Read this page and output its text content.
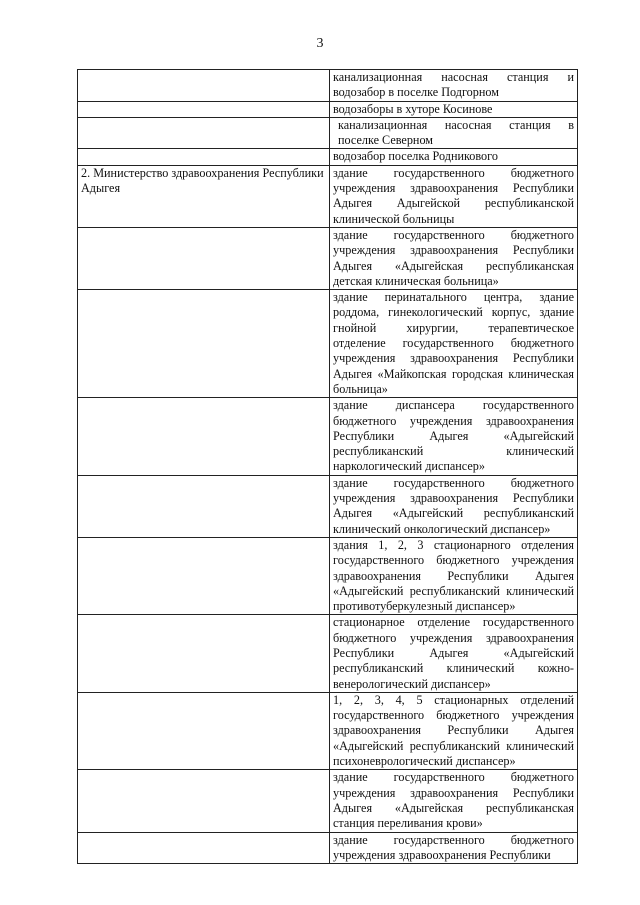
3
	канализационная насосная станция и водозабор в поселке Подгорном
	водозаборы в хуторе Косинове
	канализационная насосная станция в поселке Северном
	водозабор поселка Родникового
2. Министерство здравоохранения Республики Адыгея	здание государственного бюджетного учреждения здравоохранения Республики Адыгея Адыгейской республиканской клинической больницы
	здание государственного бюджетного учреждения здравоохранения Республики Адыгея «Адыгейская республиканская детская клиническая больница»
	здание перинатального центра, здание роддома, гинекологический корпус, здание гнойной хирургии, терапевтическое отделение государственного бюджетного учреждения здравоохранения Республики Адыгея «Майкопская городская клиническая больница»
	здание диспансера государственного бюджетного учреждения здравоохранения Республики Адыгея «Адыгейский республиканский клинический наркологический диспансер»
	здание государственного бюджетного учреждения здравоохранения Республики Адыгея «Адыгейский республиканский клинический онкологический диспансер»
	здания 1, 2, 3 стационарного отделения государственного бюджетного учреждения здравоохранения Республики Адыгея «Адыгейский республиканский клинический противотуберкулезный диспансер»
	стационарное отделение государственного бюджетного учреждения здравоохранения Республики Адыгея «Адыгейский республиканский клинический кожно-венерологический диспансер»
	1, 2, 3, 4, 5 стационарных отделений государственного бюджетного учреждения здравоохранения Республики Адыгея «Адыгейский республиканский клинический психоневрологический диспансер»
	здание государственного бюджетного учреждения здравоохранения Республики Адыгея «Адыгейская республиканская станция переливания крови»
	здание государственного бюджетного учреждения здравоохранения Республики
